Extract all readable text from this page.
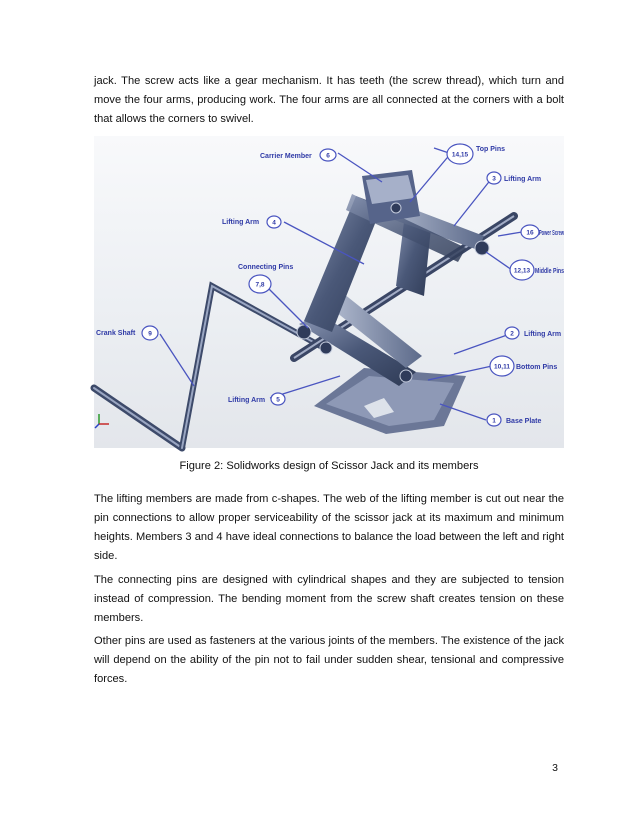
jack. The screw acts like a gear mechanism. It has teeth (the screw thread), which turn and move the four arms, producing work. The four arms are all connected at the corners with a bolt that allows the corners to swivel.

Carrier Member 6	14,15
Top Pins
3 Lifting Arm
Lifting Arm 4
16 Power Screw
Connecting Pins
7,8
12,13 Middle Pins
Crank Shaft 9	2 Lifting Arm
10,11 Bottom Pins
Lifting Arm 5
1 Base Plate

Figure 2: Solidworks design of Scissor Jack and its members

The lifting members are made from c-shapes. The web of the lifting member is cut out near the pin connections to allow proper serviceability of the scissor jack at its maximum and minimum heights. Members 3 and 4 have ideal connections to balance the load between the left and right side.

The connecting pins are designed with cylindrical shapes and they are subjected to tension instead of compression. The bending moment from the screw shaft creates tension on these members.

Other pins are used as fasteners at the various joints of the members. The existence of the jack will depend on the ability of the pin not to fail under sudden shear, tensional and compressive forces.

3
